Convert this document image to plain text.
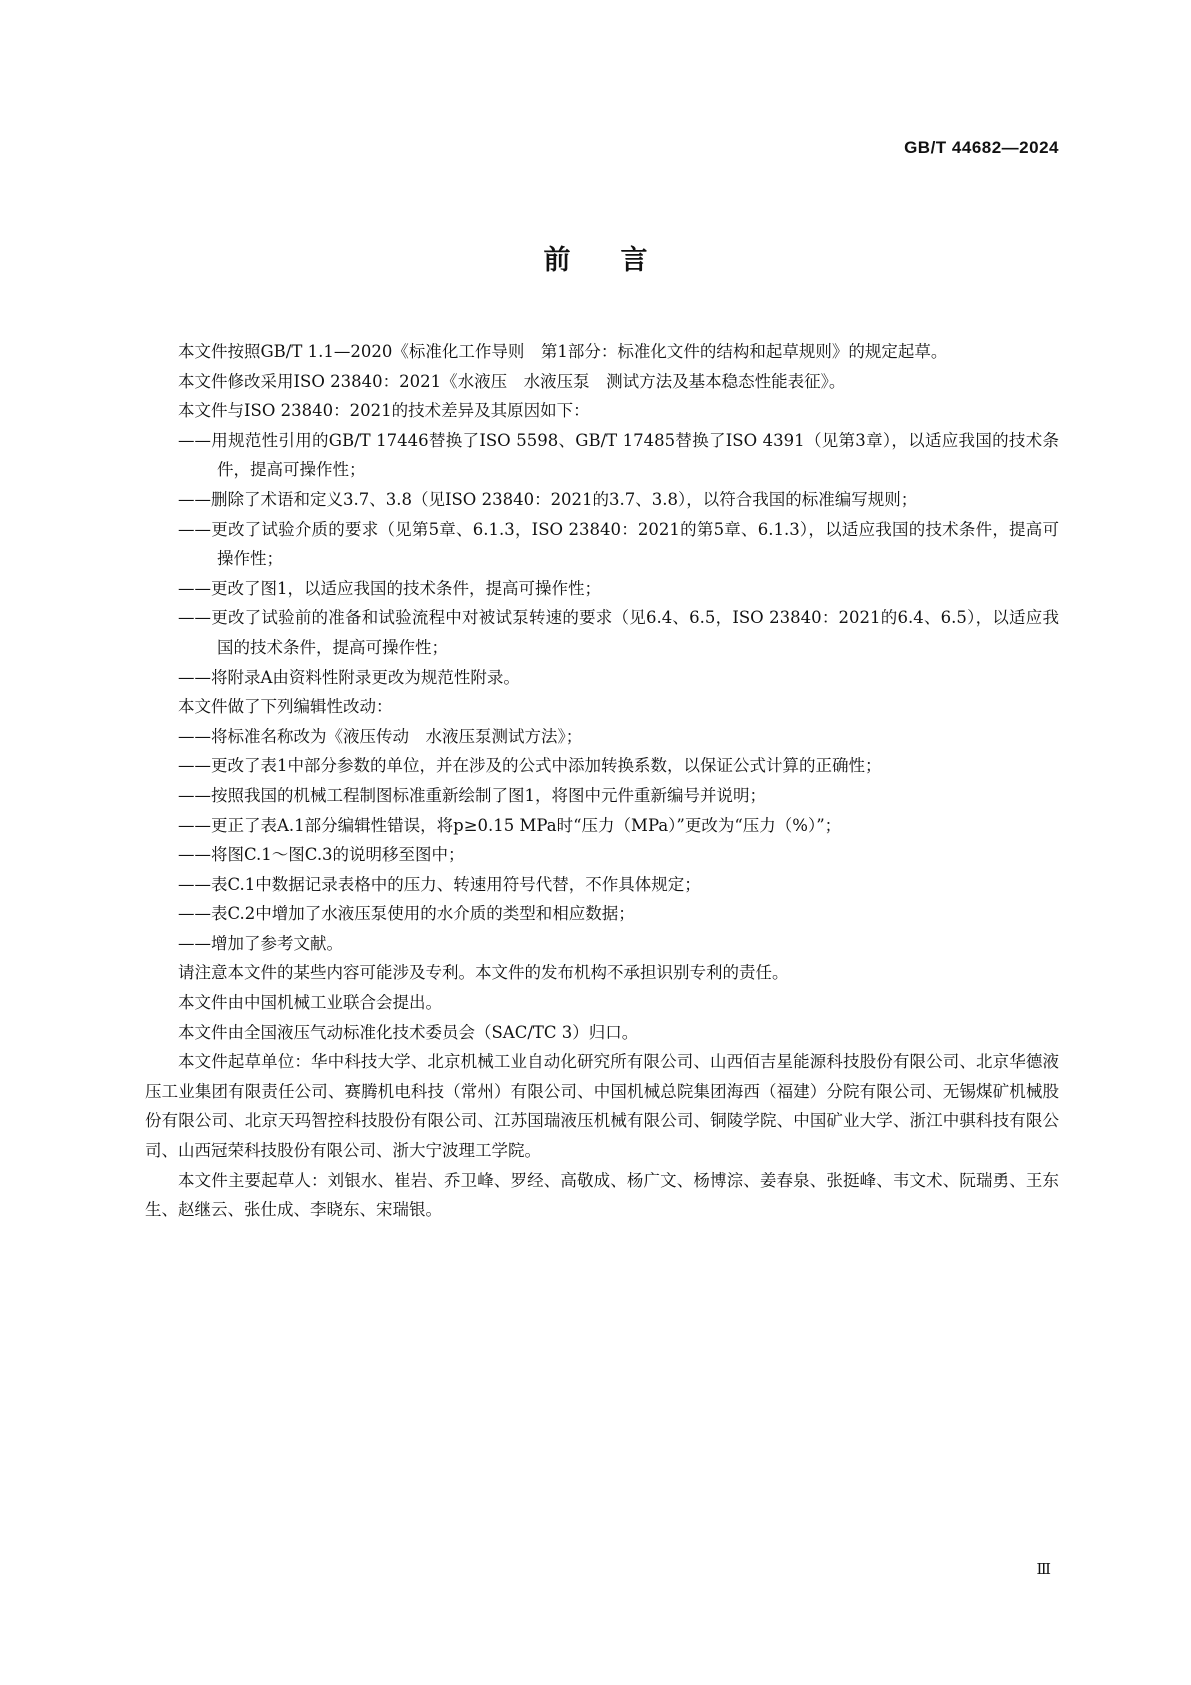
GB/T 44682—2024

前言

本文件按照GB/T 1.1—2020《标准化工作导则　第1部分：标准化文件的结构和起草规则》的规定起草。

本文件修改采用ISO 23840：2021《水液压　水液压泵　测试方法及基本稳态性能表征》。

本文件与ISO 23840：2021的技术差异及其原因如下：

——用规范性引用的GB/T 17446替换了ISO 5598、GB/T 17485替换了ISO 4391（见第3章），以适应我国的技术条件，提高可操作性；

——删除了术语和定义3.7、3.8（见ISO 23840：2021的3.7、3.8），以符合我国的标准编写规则；

——更改了试验介质的要求（见第5章、6.1.3，ISO 23840：2021的第5章、6.1.3），以适应我国的技术条件，提高可操作性；

——更改了图1，以适应我国的技术条件，提高可操作性；

——更改了试验前的准备和试验流程中对被试泵转速的要求（见6.4、6.5，ISO 23840：2021的6.4、6.5），以适应我国的技术条件，提高可操作性；

——将附录A由资料性附录更改为规范性附录。

本文件做了下列编辑性改动：

——将标准名称改为《液压传动　水液压泵测试方法》；

——更改了表1中部分参数的单位，并在涉及的公式中添加转换系数，以保证公式计算的正确性；

——按照我国的机械工程制图标准重新绘制了图1，将图中元件重新编号并说明；

——更正了表A.1部分编辑性错误，将p≥0.15 MPa时“压力（MPa）”更改为“压力（%）”；

——将图C.1～图C.3的说明移至图中；

——表C.1中数据记录表格中的压力、转速用符号代替，不作具体规定；

——表C.2中增加了水液压泵使用的水介质的类型和相应数据；

——增加了参考文献。

请注意本文件的某些内容可能涉及专利。本文件的发布机构不承担识别专利的责任。

本文件由中国机械工业联合会提出。

本文件由全国液压气动标准化技术委员会（SAC/TC 3）归口。

本文件起草单位：华中科技大学、北京机械工业自动化研究所有限公司、山西佰吉星能源科技股份有限公司、北京华德液压工业集团有限责任公司、赛腾机电科技（常州）有限公司、中国机械总院集团海西（福建）分院有限公司、无锡煤矿机械股份有限公司、北京天玛智控科技股份有限公司、江苏国瑞液压机械有限公司、铜陵学院、中国矿业大学、浙江中骐科技有限公司、山西冠荣科技股份有限公司、浙大宁波理工学院。

本文件主要起草人：刘银水、崔岩、乔卫峰、罗经、高敬成、杨广文、杨博淙、姜春泉、张挺峰、韦文术、阮瑞勇、王东生、赵继云、张仕成、李晓东、宋瑞银。

Ⅲ
